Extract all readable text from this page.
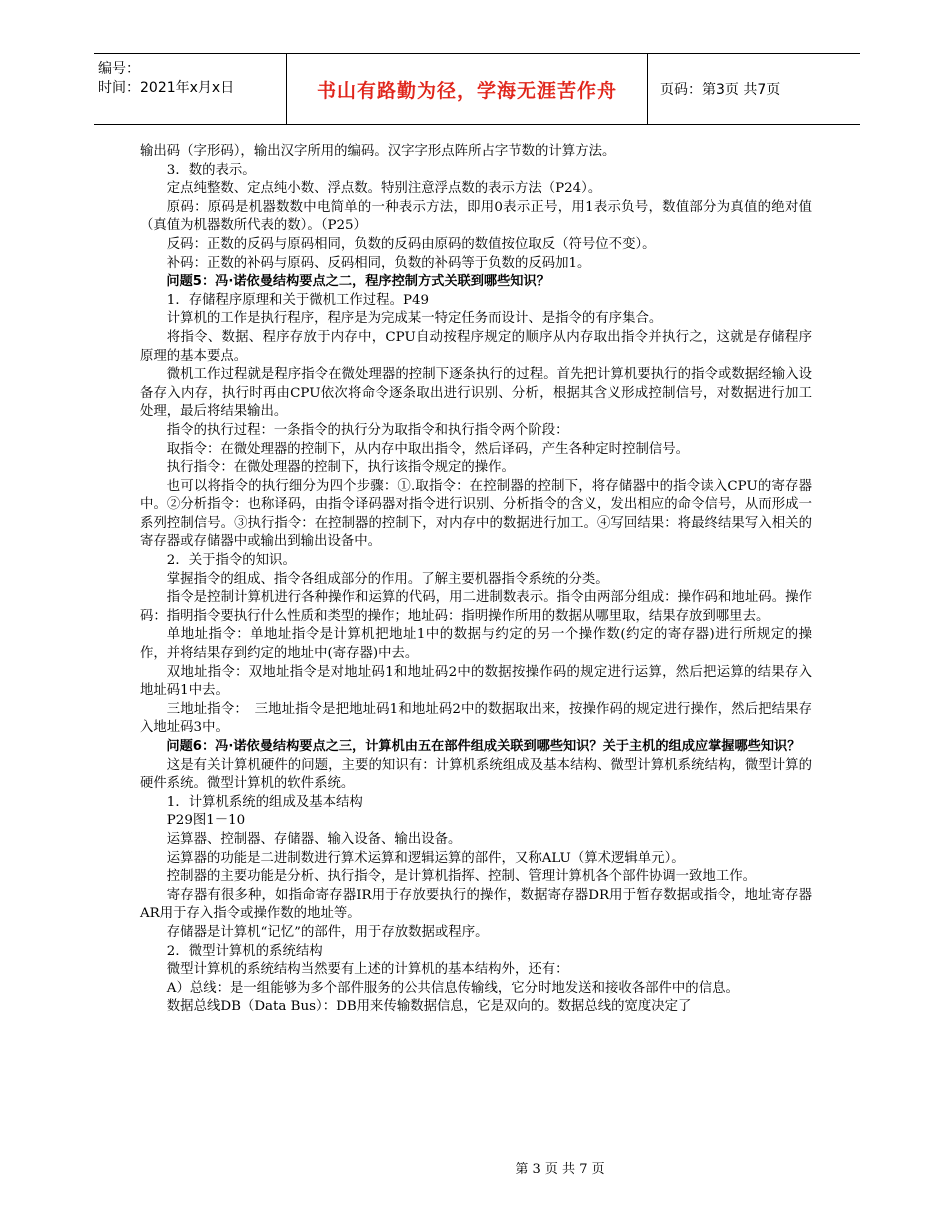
编号：
时间：2021年x月x日	书山有路勤为径，学海无涯苦作舟	页码：第3页 共7页

输出码（字形码），输出汉字所用的编码。汉字字形点阵所占字节数的计算方法。

3．数的表示。

定点纯整数、定点纯小数、浮点数。特别注意浮点数的表示方法（P24）。

原码：原码是机器数数中电简单的一种表示方法，即用0表示正号，用1表示负号，数值部分为真值的绝对值（真值为机器数所代表的数）。（P25）

反码：正数的反码与原码相同，负数的反码由原码的数值按位取反（符号位不变）。

补码：正数的补码与原码、反码相同，负数的补码等于负数的反码加1。

问题5：冯·诺依曼结构要点之二，程序控制方式关联到哪些知识？

1．存储程序原理和关于微机工作过程。P49

计算机的工作是执行程序，程序是为完成某一特定任务而设计、是指令的有序集合。

将指令、数据、程序存放于内存中，CPU自动按程序规定的顺序从内存取出指令并执行之，这就是存储程序原理的基本要点。

微机工作过程就是程序指令在微处理器的控制下逐条执行的过程。首先把计算机要执行的指令或数据经输入设备存入内存，执行时再由CPU依次将命令逐条取出进行识别、分析，根据其含义形成控制信号，对数据进行加工处理，最后将结果输出。

指令的执行过程：一条指令的执行分为取指令和执行指令两个阶段：

取指令：在微处理器的控制下，从内存中取出指令，然后译码，产生各种定时控制信号。

执行指令：在微处理器的控制下，执行该指令规定的操作。

也可以将指令的执行细分为四个步骤：①.取指令：在控制器的控制下，将存储器中的指令读入CPU的寄存器中。②分析指令：也称译码，由指令译码器对指令进行识别、分析指令的含义，发出相应的命令信号，从而形成一系列控制信号。③执行指令：在控制器的控制下，对内存中的数据进行加工。④写回结果：将最终结果写入相关的寄存器或存储器中或输出到输出设备中。

2．关于指令的知识。

掌握指令的组成、指令各组成部分的作用。了解主要机器指令系统的分类。

指令是控制计算机进行各种操作和运算的代码，用二进制数表示。指令由两部分组成：操作码和地址码。操作码：指明指令要执行什么性质和类型的操作；地址码：指明操作所用的数据从哪里取，结果存放到哪里去。

单地址指令：单地址指令是计算机把地址1中的数据与约定的另一个操作数(约定的寄存器)进行所规定的操作，并将结果存到约定的地址中(寄存器)中去。

双地址指令：双地址指令是对地址码1和地址码2中的数据按操作码的规定进行运算，然后把运算的结果存入地址码1中去。

三地址指令：　三地址指令是把地址码1和地址码2中的数据取出来，按操作码的规定进行操作，然后把结果存入地址码3中。

问题6：冯·诺依曼结构要点之三，计算机由五在部件组成关联到哪些知识？关于主机的组成应掌握哪些知识？

这是有关计算机硬件的问题，主要的知识有：计算机系统组成及基本结构、微型计算机系统结构，微型计算的硬件系统。微型计算机的软件系统。

1．计算机系统的组成及基本结构

P29图1－10

运算器、控制器、存储器、输入设备、输出设备。

运算器的功能是二进制数进行算术运算和逻辑运算的部件，又称ALU（算术逻辑单元）。

控制器的主要功能是分析、执行指令，是计算机指挥、控制、管理计算机各个部件协调一致地工作。

寄存器有很多种，如指命寄存器IR用于存放要执行的操作，数据寄存器DR用于暂存数据或指令，地址寄存器AR用于存入指令或操作数的地址等。

存储器是计算机“记忆”的部件，用于存放数据或程序。

2．微型计算机的系统结构

微型计算机的系统结构当然要有上述的计算机的基本结构外，还有：

A）总线：是一组能够为多个部件服务的公共信息传输线，它分时地发送和接收各部件中的信息。

数据总线DB（Data Bus）：DB用来传输数据信息，它是双向的。数据总线的宽度决定了

第 3 页 共 7 页
